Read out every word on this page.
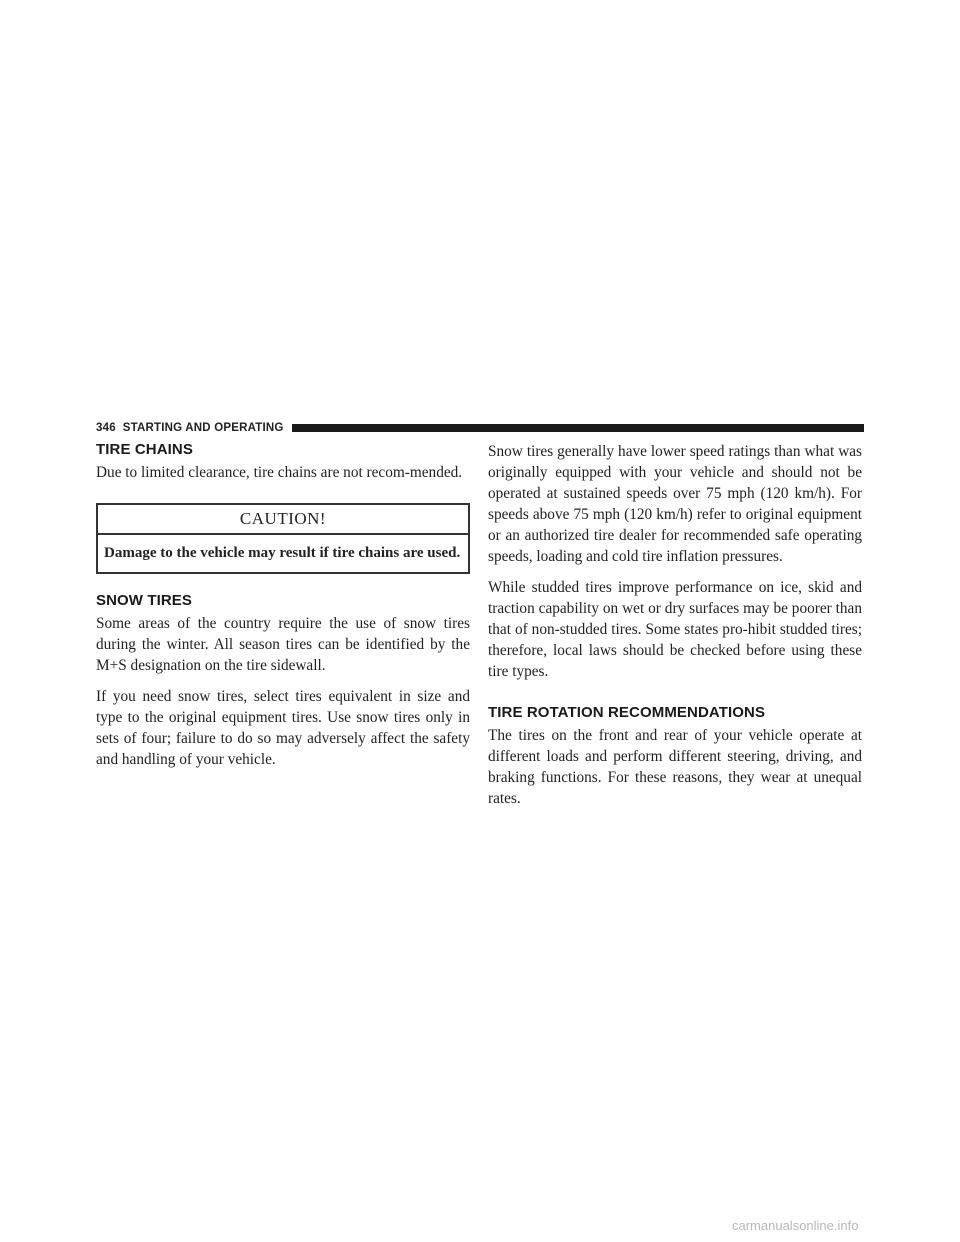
346 STARTING AND OPERATING
TIRE CHAINS

Due to limited clearance, tire chains are not recom-mended.

CAUTION!
Damage to the vehicle may result if tire chains are used.
SNOW TIRES

Some areas of the country require the use of snow tires during the winter. All season tires can be identified by the M+S designation on the tire sidewall.

If you need snow tires, select tires equivalent in size and type to the original equipment tires. Use snow tires only in sets of four; failure to do so may adversely affect the safety and handling of your vehicle.

Snow tires generally have lower speed ratings than what was originally equipped with your vehicle and should not be operated at sustained speeds over 75 mph (120 km/h). For speeds above 75 mph (120 km/h) refer to original equipment or an authorized tire dealer for recommended safe operating speeds, loading and cold tire inflation pressures.

While studded tires improve performance on ice, skid and traction capability on wet or dry surfaces may be poorer than that of non-studded tires. Some states pro-hibit studded tires; therefore, local laws should be checked before using these tire types.

TIRE ROTATION RECOMMENDATIONS

The tires on the front and rear of your vehicle operate at different loads and perform different steering, driving, and braking functions. For these reasons, they wear at unequal rates.

carmanualsonline.info
